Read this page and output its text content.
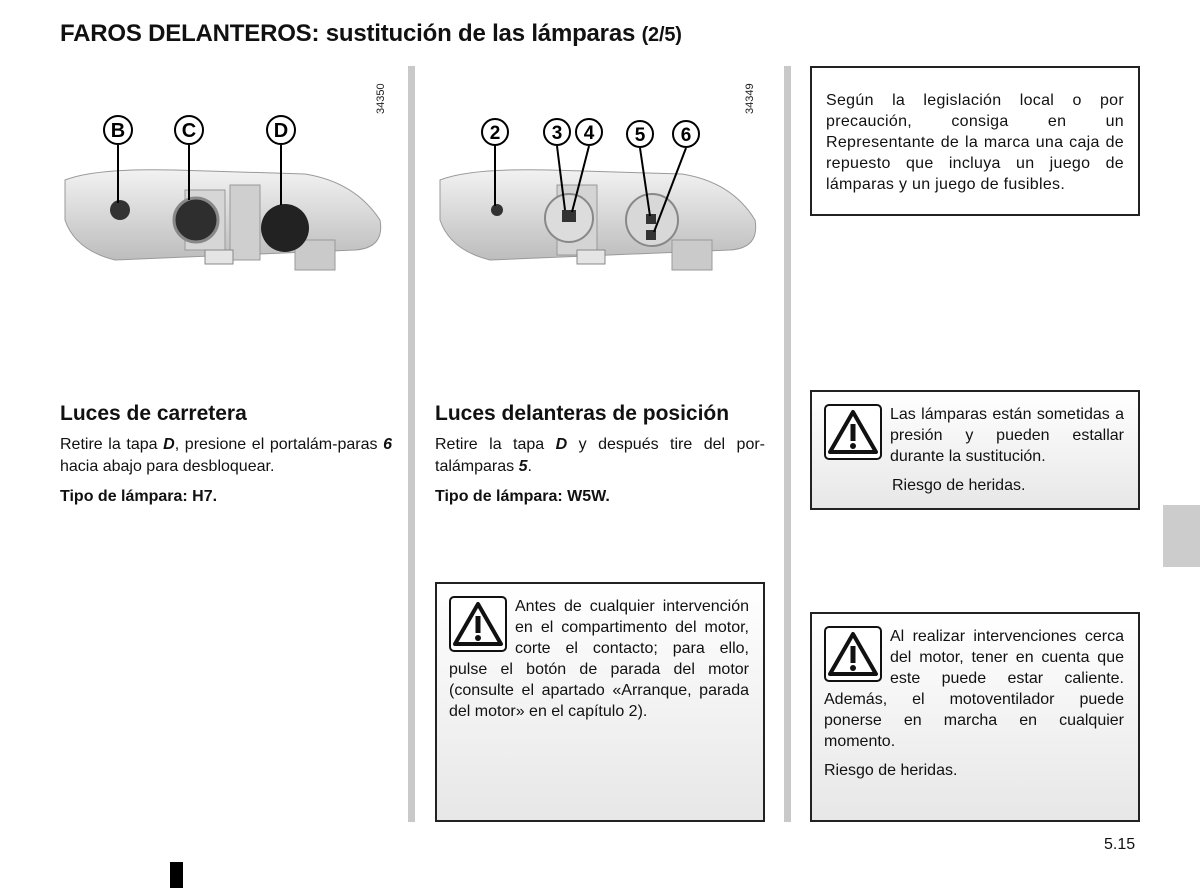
FAROS DELANTEROS: sustitución de las lámparas (2/5)
34350
B	C	D
34349
2	3 4 5 6
Luces de carretera

Retire la tapa D, presione el portalám-paras 6 hacia abajo para desbloquear.

Tipo de lámpara: H7.

Luces delanteras de posición

Retire la tapa D y después tire del por-talámparas 5.

Tipo de lámpara: W5W.

Según la legislación local o por precaución, consiga en un Representante de la marca una caja de repuesto que incluya un juego de lámparas y un juego de fusibles.

Antes de cualquier intervención en el compartimento del motor, corte el contacto; para ello, pulse el botón de parada del motor (consulte el apartado «Arranque, parada del motor» en el capítulo 2).

Las lámparas están sometidas a presión y pueden estallar durante la sustitución.

Riesgo de heridas.

Al realizar intervenciones cerca del motor, tener en cuenta que este puede estar caliente. Además, el motoventilador puede ponerse en marcha en cualquier momento.

Riesgo de heridas.

5.15
